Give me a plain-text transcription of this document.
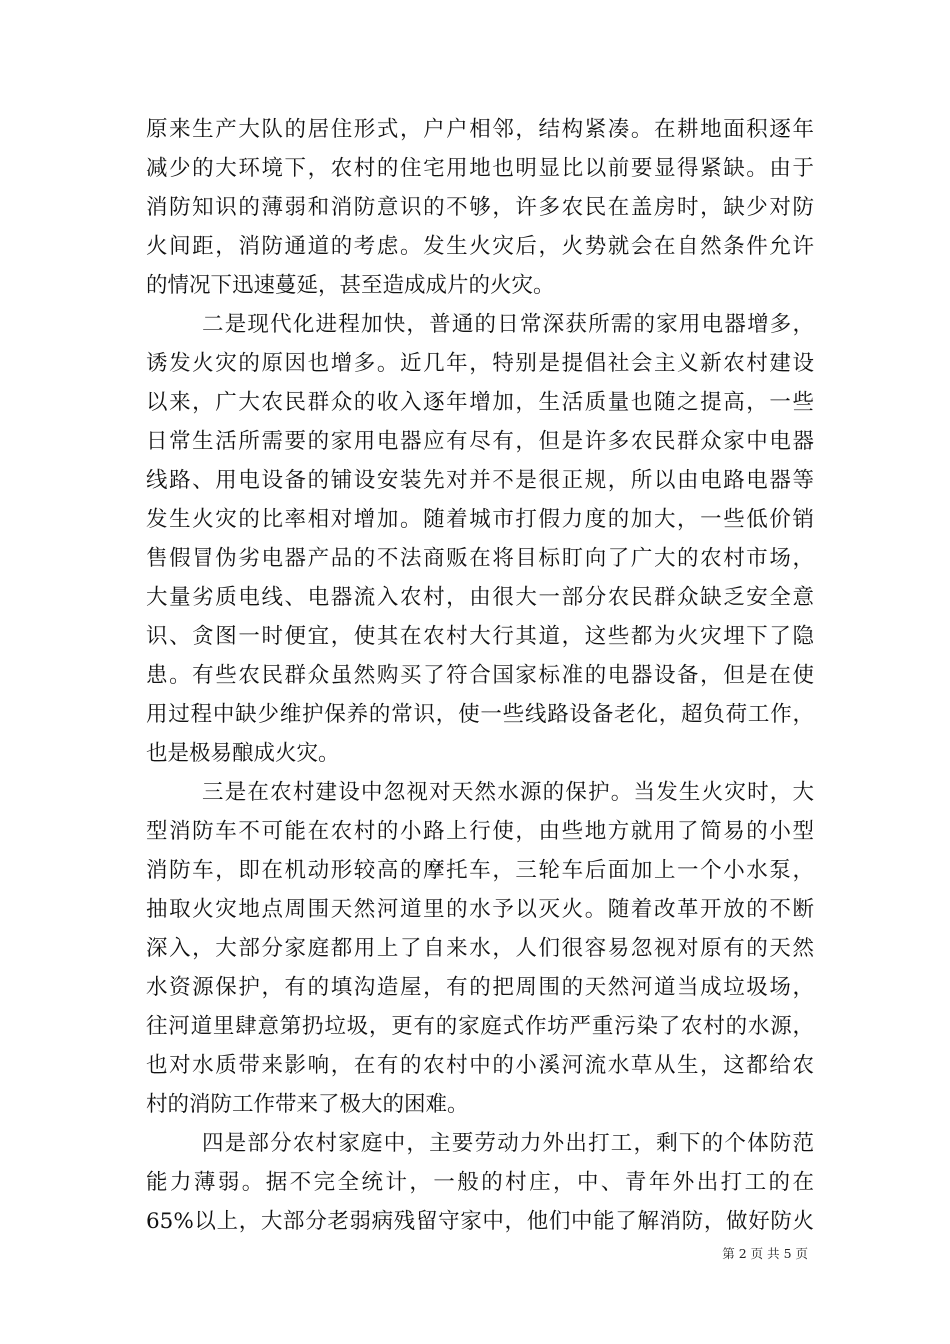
原来生产大队的居住形式，户户相邻，结构紧凑。在耕地面积逐年
减少的大环境下，农村的住宅用地也明显比以前要显得紧缺。由于
消防知识的薄弱和消防意识的不够，许多农民在盖房时，缺少对防
火间距，消防通道的考虑。发生火灾后，火势就会在自然条件允许
的情况下迅速蔓延，甚至造成成片的火灾。
二是现代化进程加快，普通的日常深获所需的家用电器增多，
诱发火灾的原因也增多。近几年，特别是提倡社会主义新农村建设
以来，广大农民群众的收入逐年增加，生活质量也随之提高，一些
日常生活所需要的家用电器应有尽有，但是许多农民群众家中电器
线路、用电设备的铺设安装先对并不是很正规，所以由电路电器等
发生火灾的比率相对增加。随着城市打假力度的加大，一些低价销
售假冒伪劣电器产品的不法商贩在将目标盯向了广大的农村市场，
大量劣质电线、电器流入农村，由很大一部分农民群众缺乏安全意
识、贪图一时便宜，使其在农村大行其道，这些都为火灾埋下了隐
患。有些农民群众虽然购买了符合国家标准的电器设备，但是在使
用过程中缺少维护保养的常识，使一些线路设备老化，超负荷工作，
也是极易酿成火灾。
三是在农村建设中忽视对天然水源的保护。当发生火灾时，大
型消防车不可能在农村的小路上行使，由些地方就用了简易的小型
消防车，即在机动形较高的摩托车，三轮车后面加上一个小水泵，
抽取火灾地点周围天然河道里的水予以灭火。随着改革开放的不断
深入，大部分家庭都用上了自来水，人们很容易忽视对原有的天然
水资源保护，有的填沟造屋，有的把周围的天然河道当成垃圾场，
往河道里肆意第扔垃圾，更有的家庭式作坊严重污染了农村的水源，
也对水质带来影响，在有的农村中的小溪河流水草从生，这都给农
村的消防工作带来了极大的困难。
四是部分农村家庭中，主要劳动力外出打工，剩下的个体防范
能力薄弱。据不完全统计，一般的村庄，中、青年外出打工的在
65%以上，大部分老弱病残留守家中，他们中能了解消防，做好防火
第 2 页 共 5 页
